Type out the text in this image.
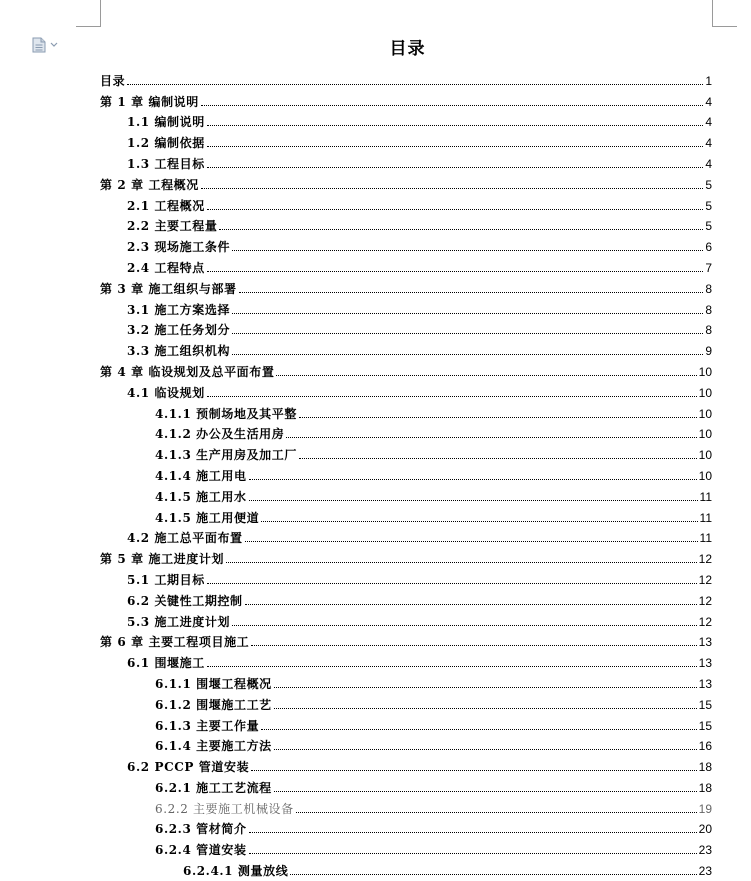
目录
目录	1
第 1 章 编制说明	4
1.1 编制说明	4
1.2 编制依据	4
1.3 工程目标	4
第 2 章 工程概况	5
2.1 工程概况	5
2.2 主要工程量	5
2.3 现场施工条件	6
2.4 工程特点	7
第 3 章 施工组织与部署	8
3.1 施工方案选择	8
3.2 施工任务划分	8
3.3 施工组织机构	9
第 4 章 临设规划及总平面布置	10
4.1 临设规划	10
4.1.1 预制场地及其平整	10
4.1.2 办公及生活用房	10
4.1.3 生产用房及加工厂	10
4.1.4 施工用电	10
4.1.5 施工用水	11
4.1.5 施工用便道	11
4.2 施工总平面布置	11
第 5 章 施工进度计划	12
5.1 工期目标	12
6.2 关键性工期控制	12
5.3 施工进度计划	12
第 6 章 主要工程项目施工	13
6.1 围堰施工	13
6.1.1 围堰工程概况	13
6.1.2 围堰施工工艺	15
6.1.3 主要工作量	15
6.1.4 主要施工方法	16
6.2 PCCP 管道安装	18
6.2.1 施工工艺流程	18
6.2.2 主要施工机械设备	19
6.2.3 管材简介	20
6.2.4 管道安装	23
6.2.4.1 测量放线	23
